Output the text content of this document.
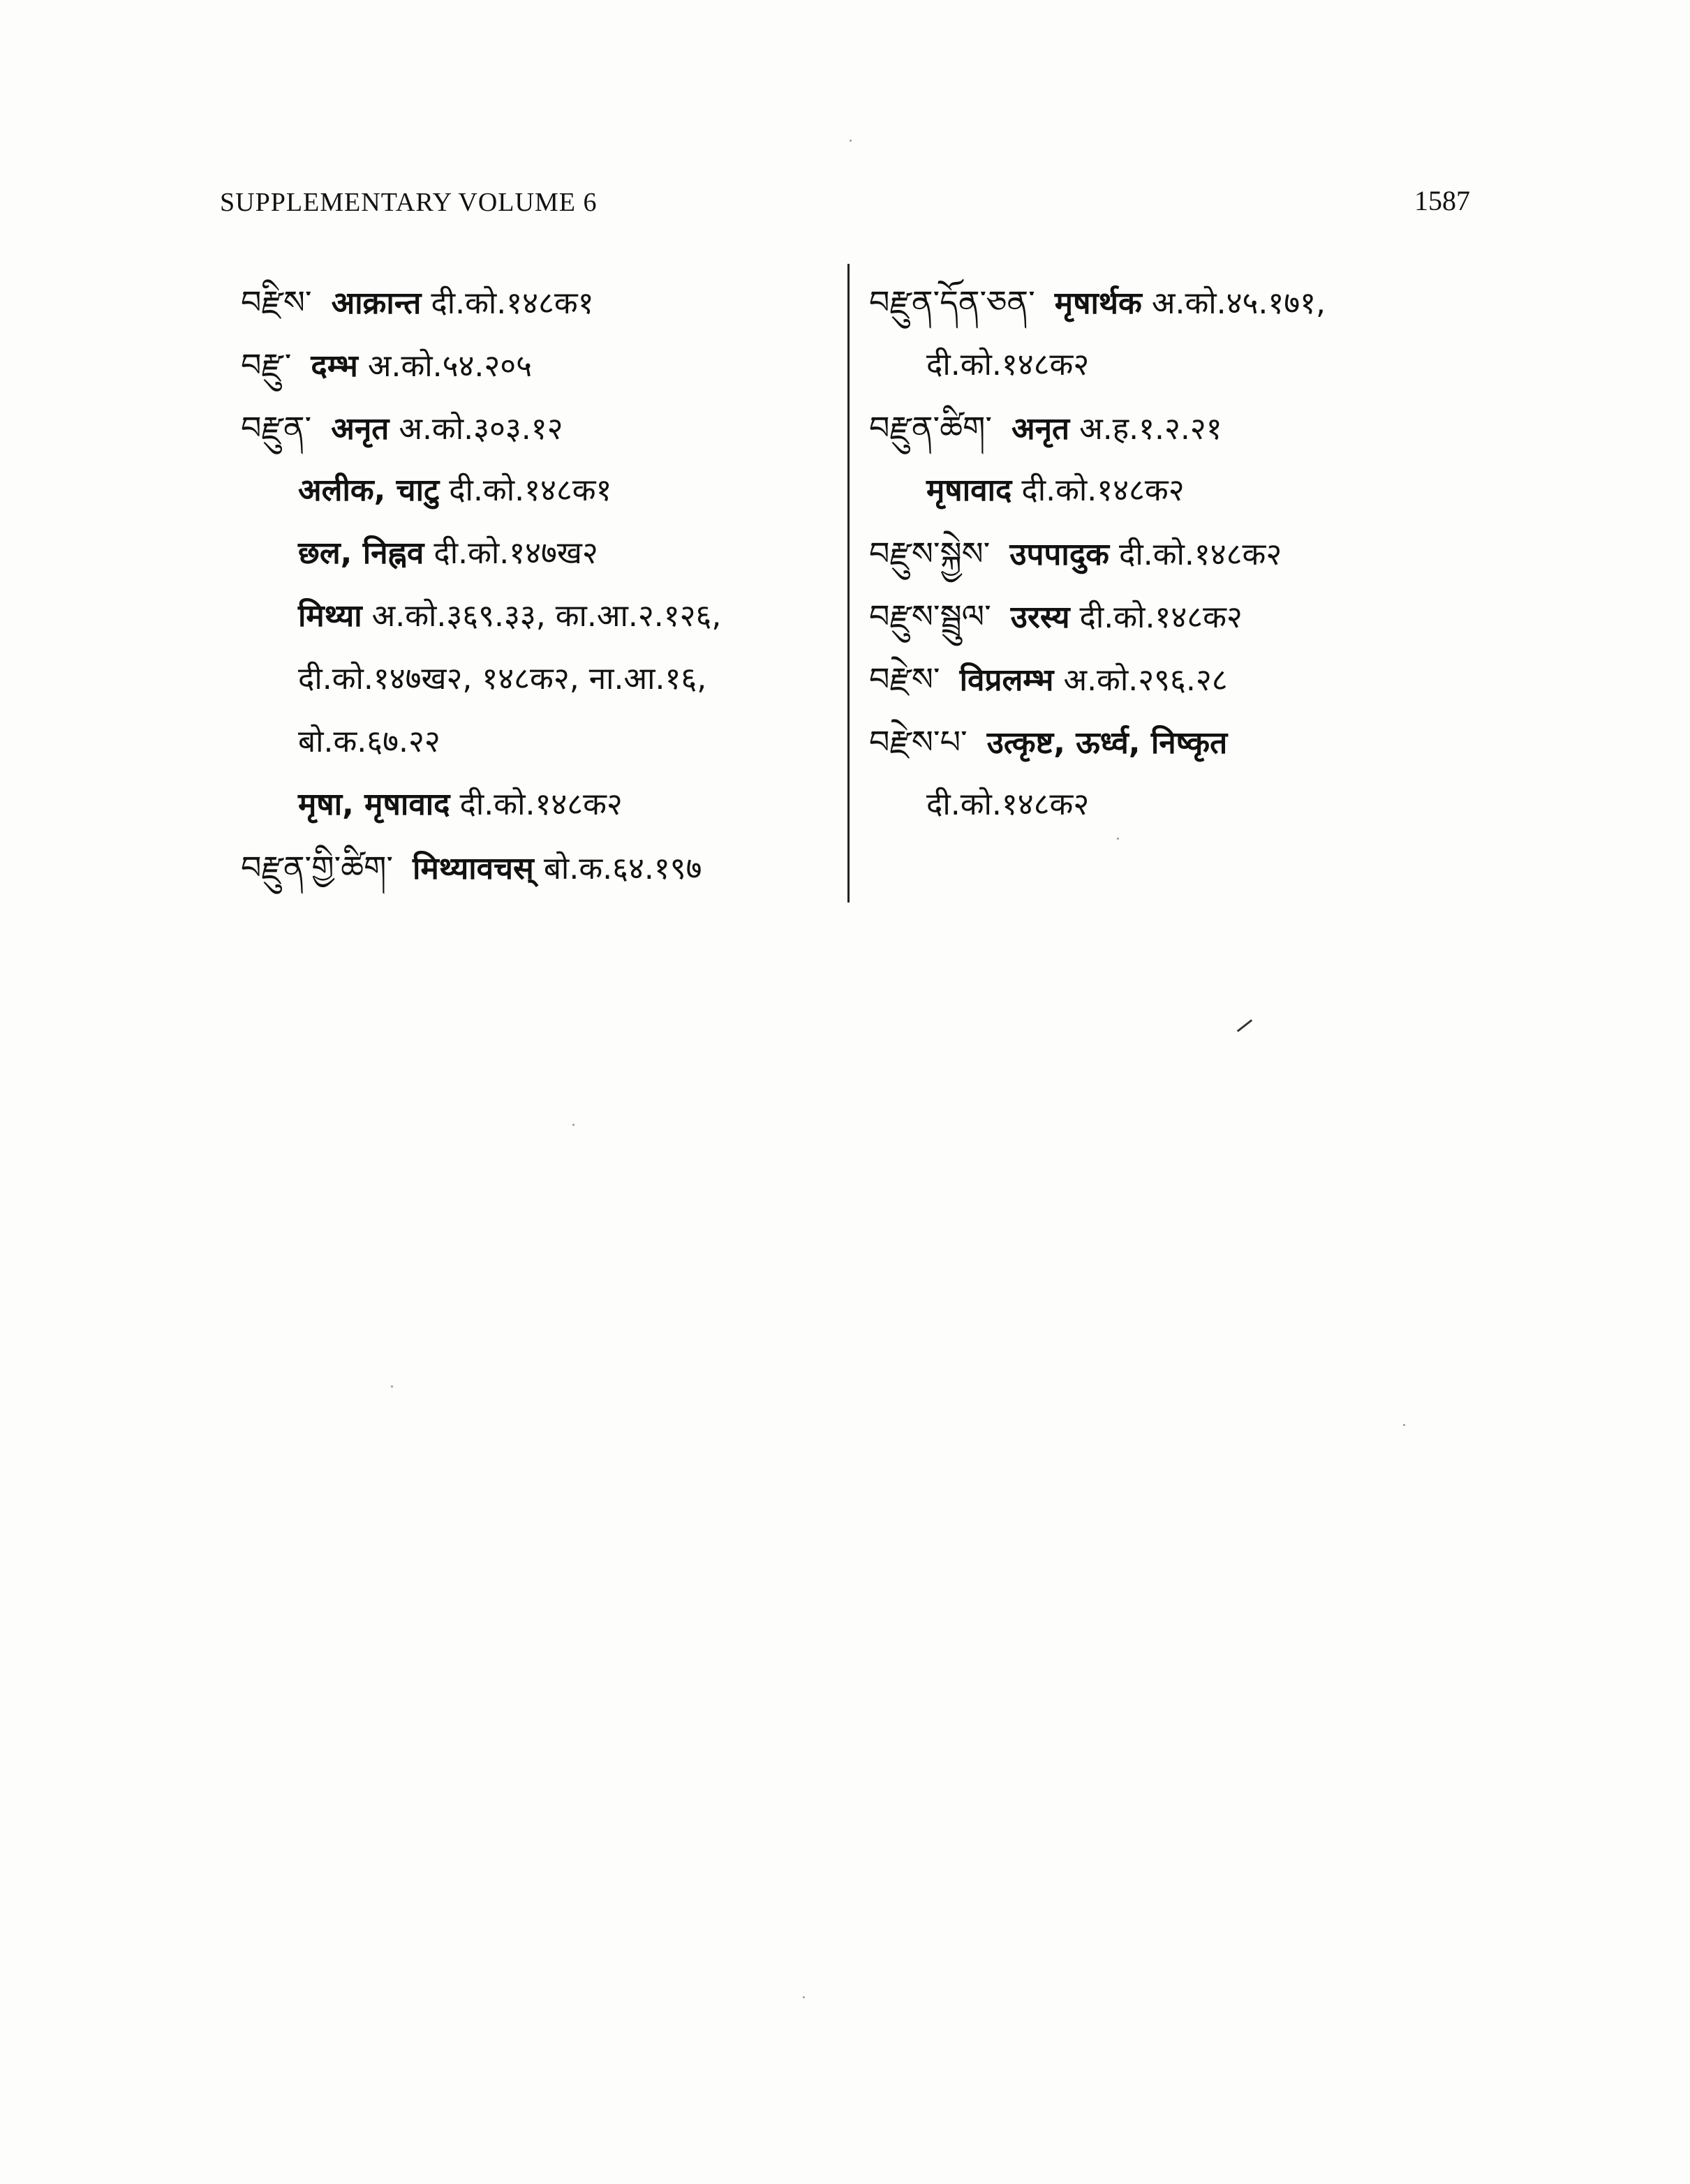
SUPPLEMENTARY VOLUME 6	1587
བརྫིས་ आक्रान्त दी.को.१४८क१
བརྫུ་ दम्भ अ.को.५४.२०५
བརྫུན་ अनृत अ.को.३०३.१२
अलीक, चाटु दी.को.१४८क१
छल, निह्नव दी.को.१४७ख२
मिथ्या अ.को.३६९.३३, का.आ.२.१२६,
दी.को.१४७ख२, १४८क२, ना.आ.१६,
बो.क.६७.२२
मृषा, मृषावाद दी.को.१४८क२
བརྫུན་གྱི་ཚིག་ मिथ्यावचस् बो.क.६४.१९७
བརྫུན་དོན་ཅན་ मृषार्थक अ.को.४५.१७१,
दी.को.१४८क२
བརྫུན་ཚིག་ अनृत अ.ह.१.२.२१
मृषावाद दी.को.१४८क२
བརྫུས་སྐྱེས་ उपपादुक दी.को.१४८क२
བརྫུས་སྦྲུལ་ उरस्य दी.को.१४८क२
བརྫེས་ विप्रलम्भ अ.को.२९६.२८
བརྫེས་པ་ उत्कृष्ट, ऊर्ध्व, निष्कृत
दी.को.१४८क२
